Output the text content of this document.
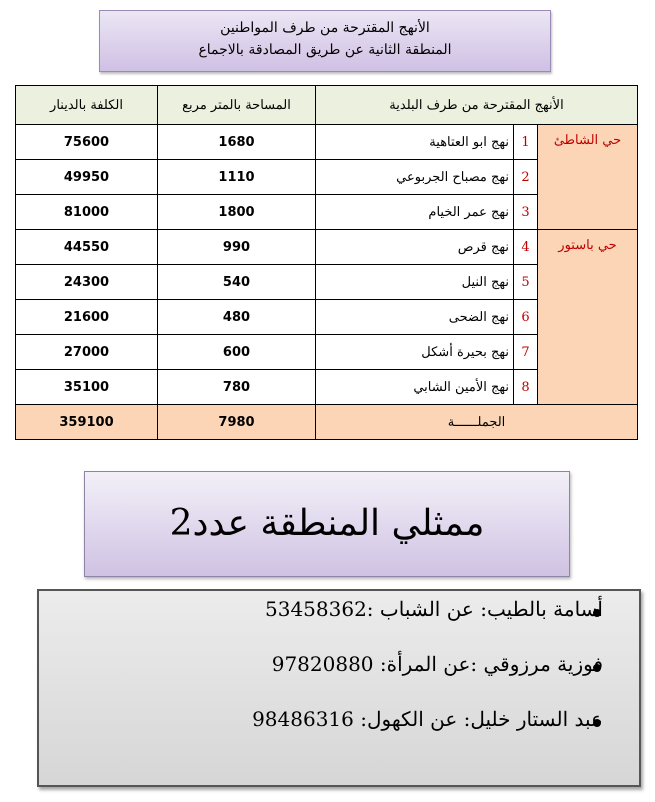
الأنهج المقترحة من طرف المواطنين
المنطقة الثانية عن طريق المصادقة بالاجماع
الأنهج المقترحة من طرف البلدية			المساحة بالمتر مربع	الكلفة بالدينار
حي الشاطئ	1	نهج ابو العتاهية	1680	75600
	2	نهج مصباح الجربوعي	1110	49950
	3	نهج عمر الخيام	1800	81000
حي باستور	4	نهج قرص	990	44550
	5	نهج النيل	540	24300
	6	نهج الضحى	480	21600
	7	نهج بحيرة أشكل	600	27000
	8	نهج الأمين الشابي	780	35100
الجملــــــة			7980	359100
ممثلي المنطقة عدد2
أسامة بالطيب: عن الشباب :53458362
فوزية مرزوقي :عن المرأة: 97820880
عبد الستار خليل: عن الكهول: 98486316
